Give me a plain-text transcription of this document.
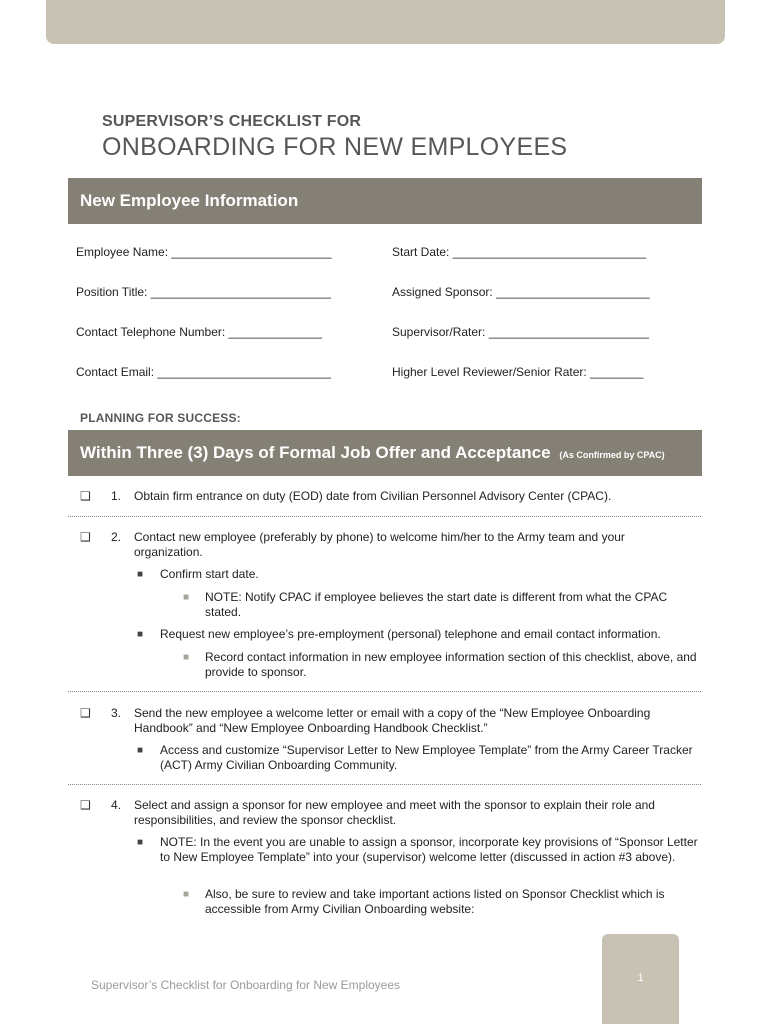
SUPERVISOR’S CHECKLIST FOR
ONBOARDING FOR NEW EMPLOYEES
New Employee Information
Employee Name: ________________________	Start Date: _____________________________
Position Title: ___________________________	Assigned Sponsor: _______________________
Contact Telephone Number: ______________	Supervisor/Rater: ________________________
Contact Email: __________________________	Higher Level Reviewer/Senior Rater: ________
PLANNING FOR SUCCESS:
Within Three (3) Days of Formal Job Offer and Acceptance (As Confirmed by CPAC)
❑ 1. Obtain firm entrance on duty (EOD) date from Civilian Personnel Advisory Center (CPAC).
❑ 2. Contact new employee (preferably by phone) to welcome him/her to the Army team and your organization.
■ Confirm start date.
■ NOTE: Notify CPAC if employee believes the start date is different from what the CPAC stated.
■ Request new employee’s pre-employment (personal) telephone and email contact information.
■ Record contact information in new employee information section of this checklist, above, and provide to sponsor.
❑ 3. Send the new employee a welcome letter or email with a copy of the “New Employee Onboarding Handbook” and “New Employee Onboarding Handbook Checklist.”
■ Access and customize “Supervisor Letter to New Employee Template” from the Army Career Tracker (ACT) Army Civilian Onboarding Community.
❑ 4. Select and assign a sponsor for new employee and meet with the sponsor to explain their role and responsibilities, and review the sponsor checklist.
■ NOTE: In the event you are unable to assign a sponsor, incorporate key provisions of “Sponsor Letter to New Employee Template” into your (supervisor) welcome letter (discussed in action #3 above).
■ Also, be sure to review and take important actions listed on Sponsor Checklist which is accessible from Army Civilian Onboarding website:
Supervisor’s Checklist for Onboarding for New Employees	1
